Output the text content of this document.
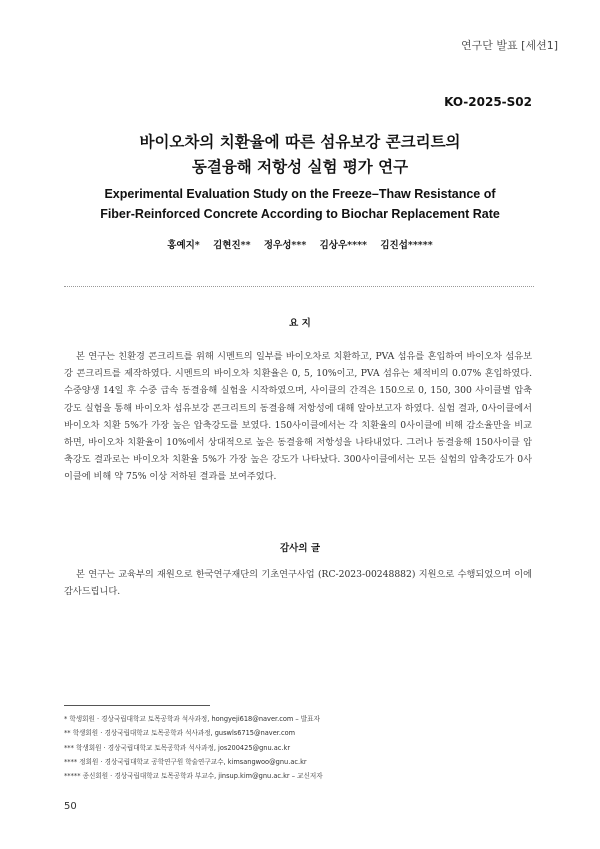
연구단 발표 [세션1]
KO-2025-S02
바이오차의 치환율에 따른 섬유보강 콘크리트의
동결융해 저항성 실험 평가 연구
Experimental Evaluation Study on the Freeze–Thaw Resistance of
Fiber-Reinforced Concrete According to Biochar Replacement Rate
홍예지* 김현진** 정우성*** 김상우**** 김진섭*****
요 지

본 연구는 친환경 콘크리트를 위해 시멘트의 일부를 바이오차로 치환하고, PVA 섬유를 혼입하여 바이오차 섬유보강 콘크리트를 제작하였다. 시멘트의 바이오차 치환율은 0, 5, 10%이고, PVA 섬유는 체적비의 0.07% 혼입하였다. 수중양생 14일 후 수중 급속 동결융해 실험을 시작하였으며, 사이클의 간격은 150으로 0, 150, 300 사이클별 압축강도 실험을 통해 바이오차 섬유보강 콘크리트의 동결융해 저항성에 대해 알아보고자 하였다. 실험 결과, 0사이클에서 바이오차 치환 5%가 가장 높은 압축강도를 보였다. 150사이클에서는 각 치환율의 0사이클에 비해 감소율만을 비교하면, 바이오차 치환율이 10%에서 상대적으로 높은 동결융해 저항성을 나타내었다. 그러나 동결융해 150사이클 압축강도 결과로는 바이오차 치환율 5%가 가장 높은 강도가 나타났다. 300사이클에서는 모든 실험의 압축강도가 0사이클에 비해 약 75% 이상 저하된 결과를 보여주었다.

감사의 글

본 연구는 교육부의 재원으로 한국연구재단의 기초연구사업 (RC-2023-00248882) 지원으로 수행되었으며 이에 감사드립니다.

* 학생회원 · 경상국립대학교 토목공학과 석사과정, hongyeji618@naver.com – 발표자
** 학생회원 · 경상국립대학교 토목공학과 석사과정, guswls6715@naver.com
*** 학생회원 · 경상국립대학교 토목공학과 석사과정, jos200425@gnu.ac.kr
**** 정회원 · 경상국립대학교 공학연구원 학술연구교수, kimsangwoo@gnu.ac.kr
***** 종신회원 · 경상국립대학교 토목공학과 부교수, jinsup.kim@gnu.ac.kr – 교신저자
50
